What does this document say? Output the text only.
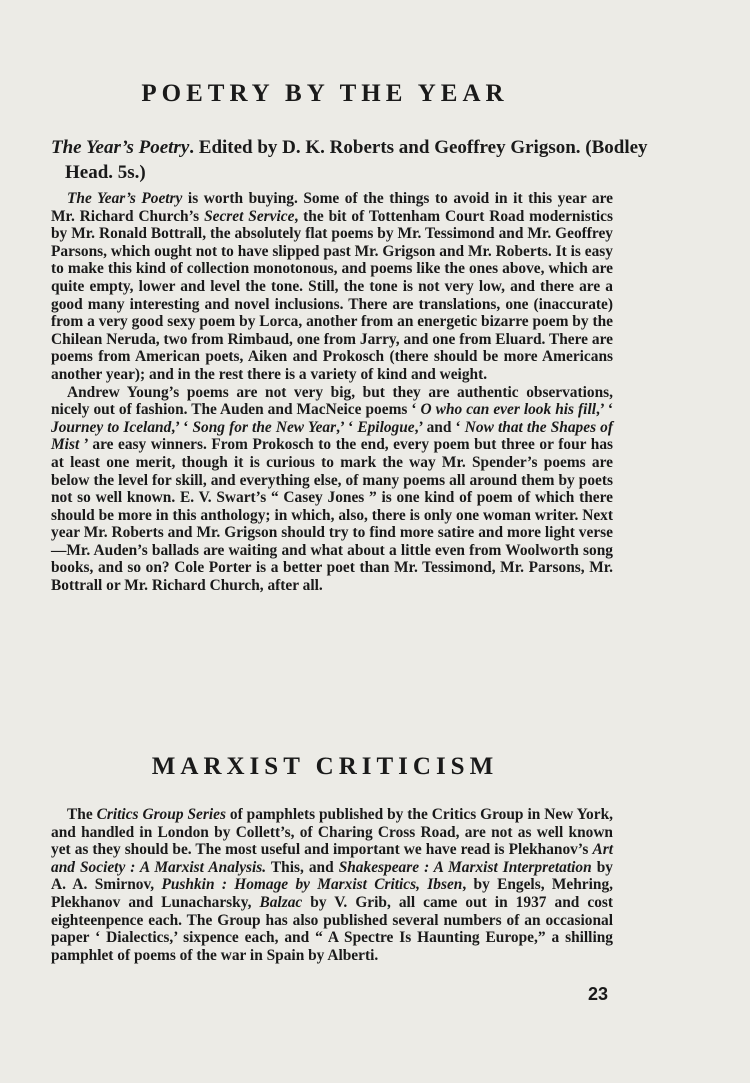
POETRY BY THE YEAR
The Year’s Poetry. Edited by D. K. Roberts and Geoffrey Grigson. (Bodley Head. 5s.)

The Year’s Poetry is worth buying. Some of the things to avoid in it this year are Mr. Richard Church’s Secret Service, the bit of Tottenham Court Road modernistics by Mr. Ronald Bottrall, the absolutely flat poems by Mr. Tessimond and Mr. Geoffrey Parsons, which ought not to have slipped past Mr. Grigson and Mr. Roberts. It is easy to make this kind of collection monotonous, and poems like the ones above, which are quite empty, lower and level the tone. Still, the tone is not very low, and there are a good many interesting and novel inclusions. There are translations, one (inaccurate) from a very good sexy poem by Lorca, another from an energetic bizarre poem by the Chilean Neruda, two from Rimbaud, one from Jarry, and one from Eluard. There are poems from American poets, Aiken and Prokosch (there should be more Americans another year); and in the rest there is a variety of kind and weight.

Andrew Young’s poems are not very big, but they are authentic observations, nicely out of fashion. The Auden and MacNeice poems ‘ O who can ever look his fill,’ ‘ Journey to Iceland,’ ‘ Song for the New Year,’ ‘ Epilogue,’ and ‘ Now that the Shapes of Mist ’ are easy winners. From Prokosch to the end, every poem but three or four has at least one merit, though it is curious to mark the way Mr. Spender’s poems are below the level for skill, and everything else, of many poems all around them by poets not so well known. E. V. Swart’s “ Casey Jones ” is one kind of poem of which there should be more in this anthology; in which, also, there is only one woman writer. Next year Mr. Roberts and Mr. Grigson should try to find more satire and more light verse—Mr. Auden’s ballads are waiting and what about a little even from Woolworth song books, and so on? Cole Porter is a better poet than Mr. Tessimond, Mr. Parsons, Mr. Bottrall or Mr. Richard Church, after all.

MARXIST CRITICISM

The Critics Group Series of pamphlets published by the Critics Group in New York, and handled in London by Collett’s, of Charing Cross Road, are not as well known yet as they should be. The most useful and important we have read is Plekhanov’s Art and Society : A Marxist Analysis. This, and Shakespeare : A Marxist Interpretation by A. A. Smirnov, Pushkin : Homage by Marxist Critics, Ibsen, by Engels, Mehring, Plekhanov and Lunacharsky, Balzac by V. Grib, all came out in 1937 and cost eighteenpence each. The Group has also published several numbers of an occasional paper ‘ Dialectics,’ sixpence each, and “ A Spectre Is Haunting Europe,” a shilling pamphlet of poems of the war in Spain by Alberti.

23
